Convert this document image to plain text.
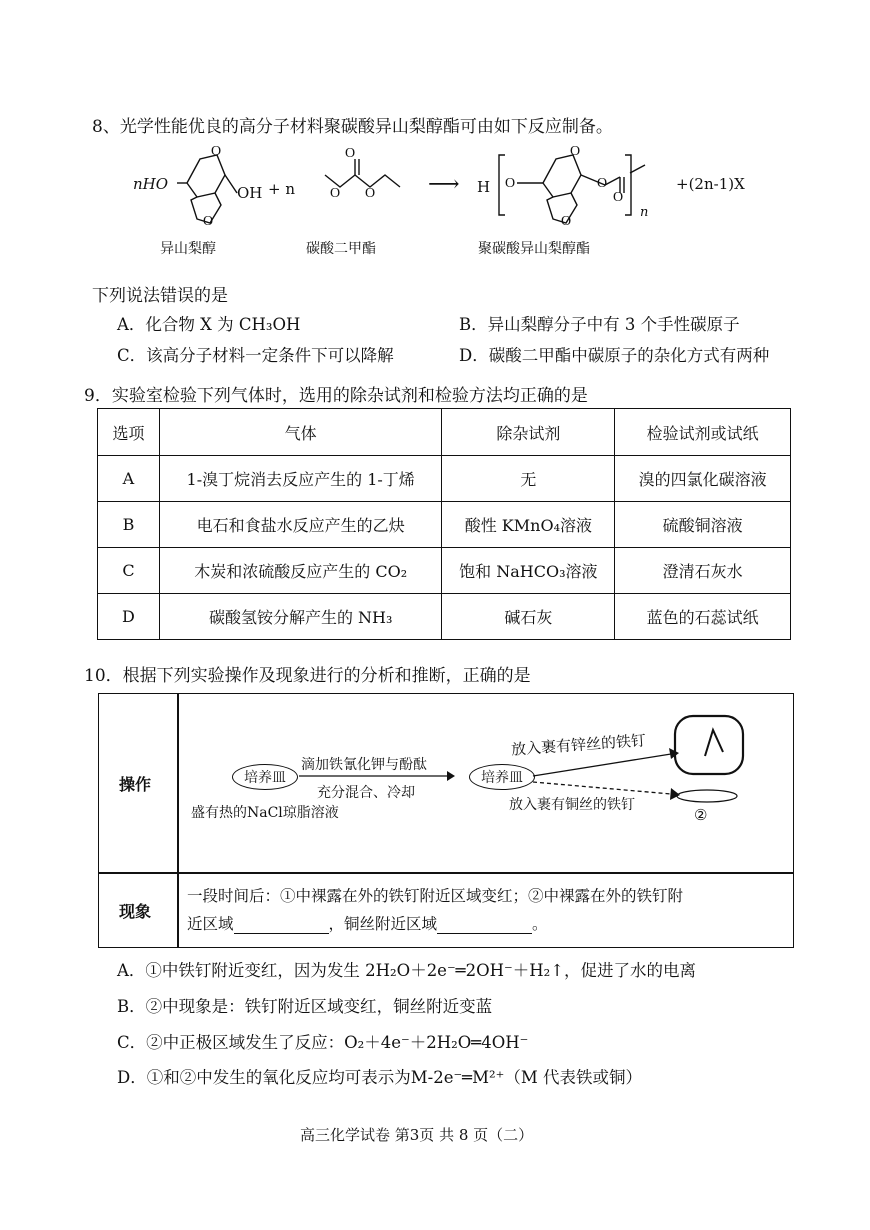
8、光学性能优良的高分子材料聚碳酸异山梨醇酯可由如下反应制备。
O
O
O
O O
O
O
O	O
O
nHO	OH + n	⟶ H
n
+(2n-1)X
异山梨醇	碳酸二甲酯	聚碳酸异山梨醇酯
下列说法错误的是
A．化合物 X 为 CH₃OH	B．异山梨醇分子中有 3 个手性碳原子
C．该高分子材料一定条件下可以降解	D．碳酸二甲酯中碳原子的杂化方式有两种
9．实验室检验下列气体时，选用的除杂试剂和检验方法均正确的是
选项	气体	除杂试剂	检验试剂或试纸
A	1-溴丁烷消去反应产生的 1-丁烯	无	溴的四氯化碳溶液
B	电石和食盐水反应产生的乙炔	酸性 KMnO₄溶液	硫酸铜溶液
C	木炭和浓硫酸反应产生的 CO₂	饱和 NaHCO₃溶液	澄清石灰水
D	碳酸氢铵分解产生的 NH₃	碱石灰	蓝色的石蕊试纸
10．根据下列实验操作及现象进行的分析和推断，正确的是
操作
现象
培养皿
盛有热的NaCl琼脂溶液
滴加铁氰化钾与酚酞
充分混合、冷却
培养皿
放入裹有锌丝的铁钉
放入裹有铜丝的铁钉
②
一段时间后：①中裸露在外的铁钉附近区域变红；②中裸露在外的铁钉附
近区域	，铜丝附近区域	。
A．①中铁钉附近变红，因为发生 2H₂O＋2e⁻═2OH⁻＋H₂↑，促进了水的电离
B．②中现象是：铁钉附近区域变红，铜丝附近变蓝
C．②中正极区域发生了反应：O₂＋4e⁻＋2H₂O═4OH⁻
D．①和②中发生的氧化反应均可表示为M-2e⁻═M²⁺（M 代表铁或铜）
高三化学试卷 第3页 共 8 页（二）
